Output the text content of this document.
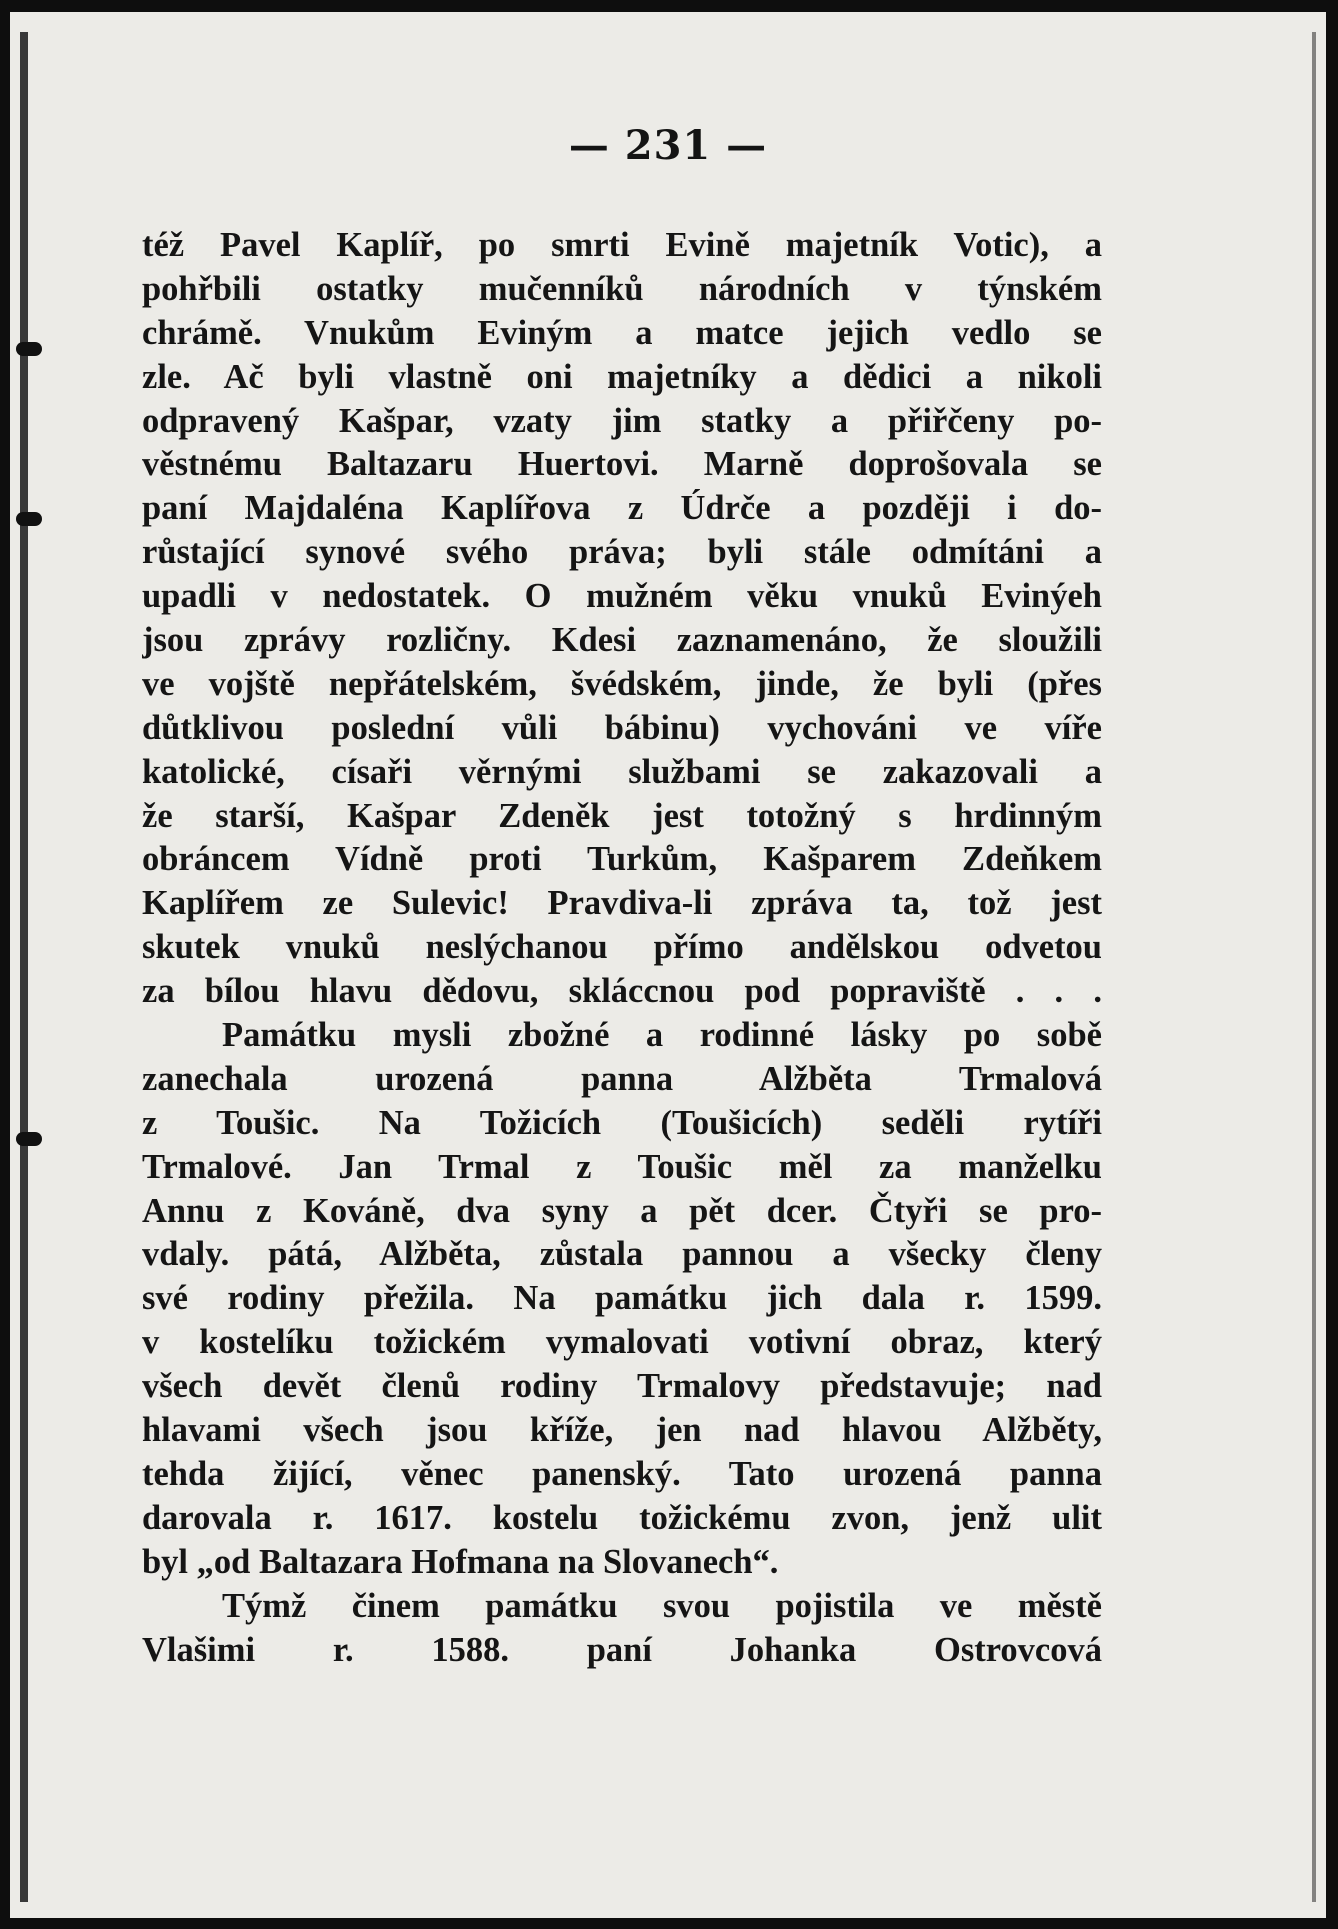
— 231 —
též Pavel Kaplíř, po smrti Evině majetník Votic), a
pohřbili ostatky mučenníků národních v týnském
chrámě. Vnukům Eviným a matce jejich vedlo se
zle. Ač byli vlastně oni majetníky a dědici a nikoli
odpravený Kašpar, vzaty jim statky a přiřčeny po-
věstnému Baltazaru Huertovi. Marně doprošovala se
paní Majdaléna Kaplířova z Údrče a později i do-
růstající synové svého práva; byli stále odmítáni a
upadli v nedostatek. O mužném věku vnuků Evinýeh
jsou zprávy rozličny. Kdesi zaznamenáno, že sloužili
ve vojště nepřátelském, švédském, jinde, že byli (přes
důtklivou poslední vůli bábinu) vychováni ve víře
katolické, císaři věrnými službami se zakazovali a
že starší, Kašpar Zdeněk jest totožný s hrdinným
obráncem Vídně proti Turkům, Kašparem Zdeňkem
Kaplířem ze Sulevic! Pravdiva-li zpráva ta, tož jest
skutek vnuků neslýchanou přímo andělskou odvetou
za bílou hlavu dědovu, skláccnou pod popraviště . . .
Památku mysli zbožné a rodinné lásky po sobě
zanechala urozená panna Alžběta Trmalová
z Toušic. Na Tožicích (Toušicích) seděli rytíři
Trmalové. Jan Trmal z Toušic měl za manželku
Annu z Kováně, dva syny a pět dcer. Čtyři se pro-
vdaly. pátá, Alžběta, zůstala pannou a všecky členy
své rodiny přežila. Na památku jich dala r. 1599.
v kostelíku tožickém vymalovati votivní obraz, který
všech devět členů rodiny Trmalovy představuje; nad
hlavami všech jsou kříže, jen nad hlavou Alžběty,
tehda žijící, věnec panenský. Tato urozená panna
darovala r. 1617. kostelu tožickému zvon, jenž ulit
byl „od Baltazara Hofmana na Slovanech“.
Týmž činem památku svou pojistila ve městě
Vlašimi r. 1588. paní Johanka Ostrovcová
